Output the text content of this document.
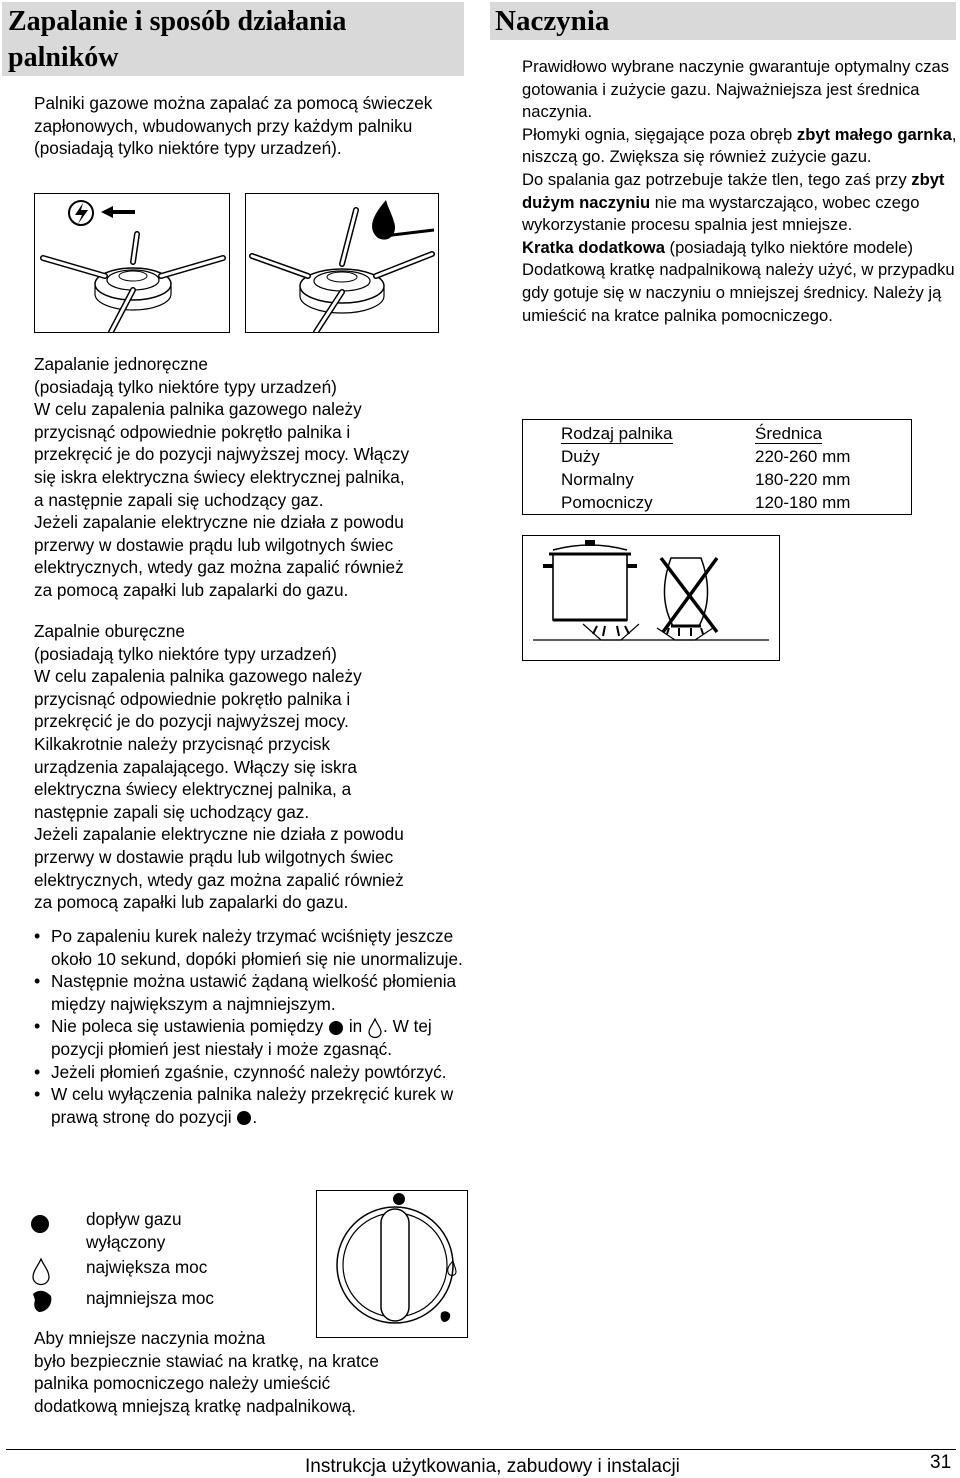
Zapalanie i sposób działania palników
Palniki gazowe można zapalać za pomocą świeczek zapłonowych, wbudowanych przy każdym palniku (posiadają tylko niektóre typy urzadzeń).
Zapalanie jednoręczne
(posiadają tylko niektóre typy urzadzeń)
W celu zapalenia palnika gazowego należy
przycisnąć odpowiednie pokrętło palnika i
przekręcić je do pozycji najwyższej mocy. Włączy
się iskra elektryczna świecy elektrycznej palnika,
a następnie zapali się uchodzący gaz.
Jeżeli zapalanie elektryczne nie działa z powodu
przerwy w dostawie prądu lub wilgotnych świec
elektrycznych, wtedy gaz można zapalić również
za pomocą zapałki lub zapalarki do gazu.
Zapalnie oburęczne
(posiadają tylko niektóre typy urzadzeń)
W celu zapalenia palnika gazowego należy
przycisnąć odpowiednie pokrętło palnika i
przekręcić je do pozycji najwyższej mocy.
Kilkakrotnie należy przycisnąć przycisk
urządzenia zapalającego. Włączy się iskra
elektryczna świecy elektrycznej palnika, a
następnie zapali się uchodzący gaz.
Jeżeli zapalanie elektryczne nie działa z powodu
przerwy w dostawie prądu lub wilgotnych świec
elektrycznych, wtedy gaz można zapalić również
za pomocą zapałki lub zapalarki do gazu.
• Po zapaleniu kurek należy trzymać wciśnięty jeszcze około 10 sekund, dopóki płomień się nie unormalizuje.
• Następnie można ustawić żądaną wielkość płomienia między największym a najmniejszym.
• Nie poleca się ustawienia pomiędzy in . W tej pozycji płomień jest niestały i może zgasnąć.
• Jeżeli płomień zgaśnie, czynność należy powtórzyć.
• W celu wyłączenia palnika należy przekręcić kurek w prawą stronę do pozycji .
dopływ gazu
wyłączony
największa moc
najmniejsza moc
Aby mniejsze naczynia można
było bezpiecznie stawiać na kratkę, na kratce
palnika pomocniczego należy umieścić
dodatkową mniejszą kratkę nadpalnikową.
Naczynia
Prawidłowo wybrane naczynie gwarantuje optymalny czas gotowania i zużycie gazu. Najważniejsza jest średnica naczynia.
Płomyki ognia, sięgające poza obręb zbyt małego garnka, niszczą go. Zwiększa się również zużycie gazu.
Do spalania gaz potrzebuje także tlen, tego zaś przy zbyt dużym naczyniu nie ma wystarczająco, wobec czego wykorzystanie procesu spalnia jest mniejsze.
Kratka dodatkowa (posiadają tylko niektóre modele) Dodatkową kratkę nadpalnikową należy użyć, w przypadku gdy gotuje się w naczyniu o mniejszej średnicy. Należy ją umieścić na kratce palnika pomocniczego.
Rodzaj palnika	Średnica
Duży	220-260 mm
Normalny	180-220 mm
Pomocniczy	120-180 mm
Instrukcja użytkowania, zabudowy i instalacji	31
